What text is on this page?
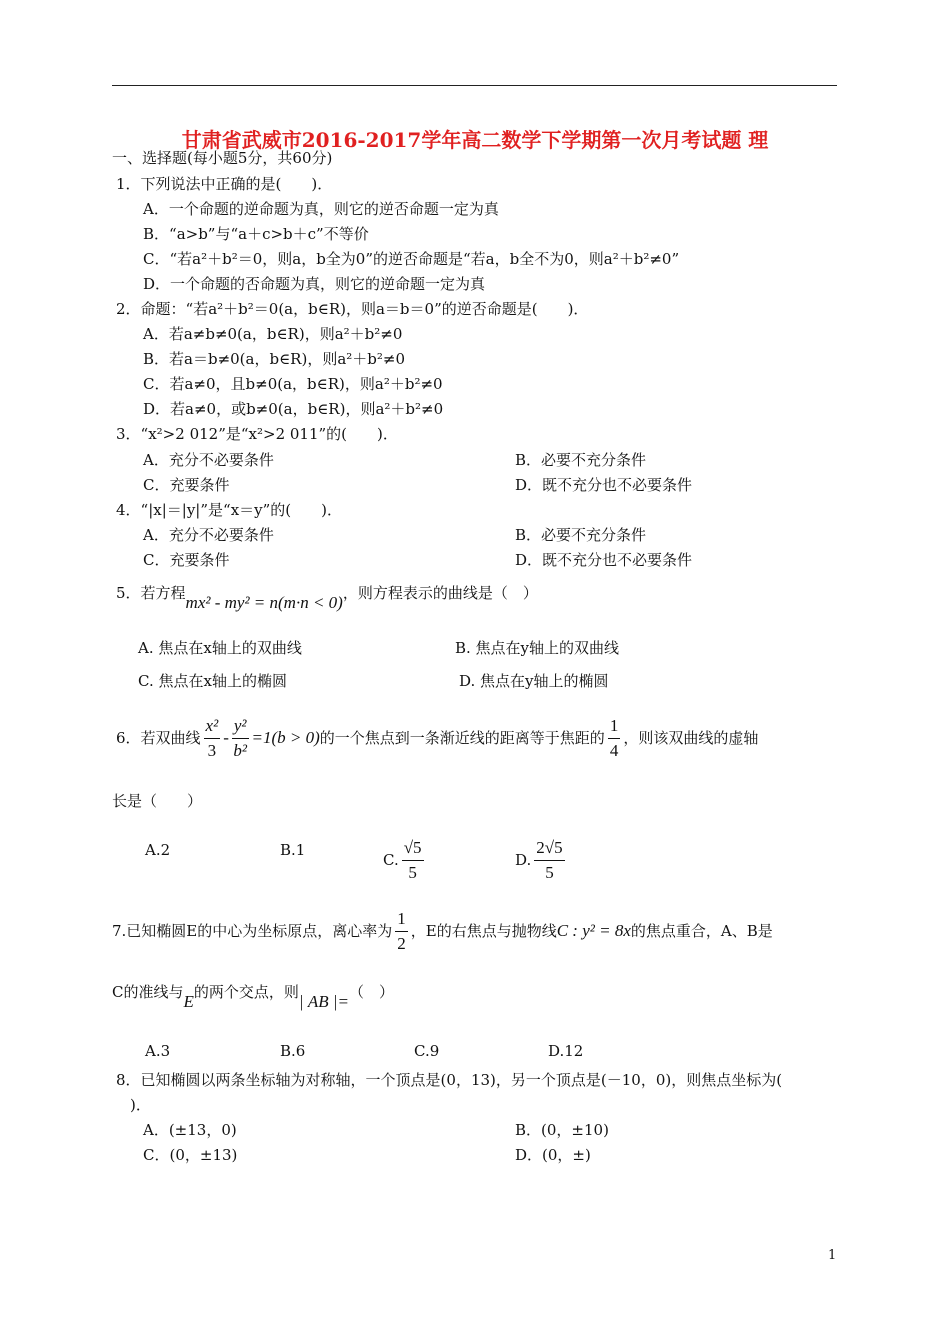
甘肃省武威市2016-2017学年高二数学下学期第一次月考试题 理
一、选择题(每小题5分，共60分)
1．下列说法中正确的是(　　)．
A．一个命题的逆命题为真，则它的逆否命题一定为真
B．“a>b”与“a＋c>b＋c”不等价
C．“若a²＋b²＝0，则a，b全为0”的逆否命题是“若a，b全不为0，则a²＋b²≠0”
D．一个命题的否命题为真，则它的逆命题一定为真
2．命题：“若a²＋b²＝0(a，b∈R)，则a＝b＝0”的逆否命题是(　　)．
A．若a≠b≠0(a，b∈R)，则a²＋b²≠0
B．若a＝b≠0(a，b∈R)，则a²＋b²≠0
C．若a≠0，且b≠0(a，b∈R)，则a²＋b²≠0
D．若a≠0，或b≠0(a，b∈R)，则a²＋b²≠0
3．“x²>2 012”是“x²>2 011”的(　　)．
A．充分不必要条件	B．必要不充分条件
C．充要条件	D．既不充分也不必要条件
4．“|x|＝|y|”是“x＝y”的(　　)．
A．充分不必要条件	B．必要不充分条件
C．充要条件	D．既不充分也不必要条件
5．若方程mx² - my² = n(m·n < 0)，则方程表示的曲线是（　）
A. 焦点在x轴上的双曲线	B. 焦点在y轴上的双曲线
C. 焦点在x轴上的椭圆	D. 焦点在y轴上的椭圆
6．若双曲线 $\frac{\text{x²}}{3} - \frac{\text{y²}}{\text{b²}} =1(b > 0)$ 的一个焦点到一条渐近线的距离等于焦距的 $\frac{1}{4}$ ，则该双曲线的虚轴
长是（　　）
A.2	B.1
C. $\frac{√5}{5}$	D. $\frac{2√5}{5}$
7.已知椭圆E的中心为坐标原点，离心率为 $\frac{1}{2}$ ，E的右焦点与抛物线 C : y² = 8x 的焦点重合，A、B是
C的准线与E的两个交点，则| AB |=（　）
A.3	B.6	C.9	D.12
8．已知椭圆以两条坐标轴为对称轴，一个顶点是(0，13)，另一个顶点是(－10，0)，则焦点坐标为(
)．
A．(±13，0)	B．(0，±10)
C．(0，±13)	D．(0，±)
1
